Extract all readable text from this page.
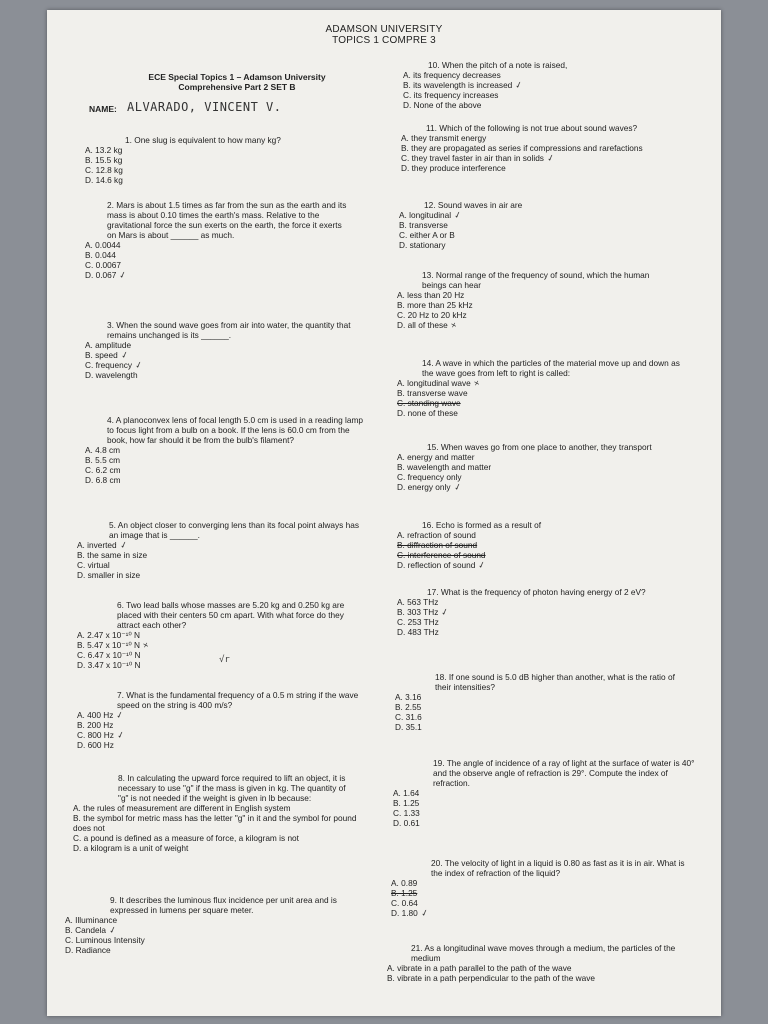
ADAMSON UNIVERSITY
TOPICS 1 COMPRE 3
ECE Special Topics 1 – Adamson University
Comprehensive Part 2 SET B
NAME: ALVARADO, VINCENT V.
1. One slug is equivalent to how many kg?
A. 13.2 kg
B. 15.5 kg
C. 12.8 kg
D. 14.6 kg
2. Mars is about 1.5 times as far from the sun as the earth and its mass is about 0.10 times the earth's mass. Relative to the gravitational force the sun exerts on the earth, the force it exerts on Mars is about ______ as much.
A. 0.0044
B. 0.044
C. 0.0067
D. 0.067 ✓
3. When the sound wave goes from air into water, the quantity that remains unchanged is its ______.
A. amplitude
B. speed ✓
C. frequency ✓
D. wavelength
4. A planoconvex lens of focal length 5.0 cm is used in a reading lamp to focus light from a bulb on a book. If the lens is 60.0 cm from the book, how far should it be from the bulb's filament?
A. 4.8 cm
B. 5.5 cm
C. 6.2 cm
D. 6.8 cm
5. An object closer to converging lens than its focal point always has an image that is ______.
A. inverted ✓
B. the same in size
C. virtual
D. smaller in size
6. Two lead balls whose masses are 5.20 kg and 0.250 kg are placed with their centers 50 cm apart. With what force do they attract each other?
A. 2.47 x 10⁻¹⁰ N
B. 5.47 x 10⁻¹⁰ N ×
C. 6.47 x 10⁻¹⁰ N
D. 3.47 x 10⁻¹⁰ N	√r
7. What is the fundamental frequency of a 0.5 m string if the wave speed on the string is 400 m/s?
A. 400 Hz ✓
B. 200 Hz
C. 800 Hz ✓
D. 600 Hz
8. In calculating the upward force required to lift an object, it is necessary to use "g" if the mass is given in kg. The quantity of "g" is not needed if the weight is given in lb because:
A. the rules of measurement are different in English system
B. the symbol for metric mass has the letter "g" in it and the symbol for pound does not
C. a pound is defined as a measure of force, a kilogram is not
D. a kilogram is a unit of weight
9. It describes the luminous flux incidence per unit area and is expressed in lumens per square meter.
A. Illuminance
B. Candela ✓
C. Luminous Intensity
D. Radiance
10. When the pitch of a note is raised,
A. its frequency decreases
B. its wavelength is increased ✓
C. its frequency increases
D. None of the above
11. Which of the following is not true about sound waves?
A. they transmit energy
B. they are propagated as series if compressions and rarefactions
C. they travel faster in air than in solids ✓
D. they produce interference
12. Sound waves in air are
A. longitudinal ✓
B. transverse
C. either A or B
D. stationary
13. Normal range of the frequency of sound, which the human beings can hear
A. less than 20 Hz
B. more than 25 kHz
C. 20 Hz to 20 kHz
D. all of these ×
14. A wave in which the particles of the material move up and down as the wave goes from left to right is called:
A. longitudinal wave ×
B. transverse wave
C. standing wave
D. none of these
15. When waves go from one place to another, they transport
A. energy and matter
B. wavelength and matter
C. frequency only
D. energy only ✓
16. Echo is formed as a result of
A. refraction of sound
B. diffraction of sound
C. interference of sound
D. reflection of sound ✓
17. What is the frequency of photon having energy of 2 eV?
A. 563 THz
B. 303 THz ✓
C. 253 THz
D. 483 THz
18. If one sound is 5.0 dB higher than another, what is the ratio of their intensities?
A. 3.16
B. 2.55
C. 31.6
D. 35.1
19. The angle of incidence of a ray of light at the surface of water is 40° and the observe angle of refraction is 29°. Compute the index of refraction.
A. 1.64
B. 1.25
C. 1.33
D. 0.61
20. The velocity of light in a liquid is 0.80 as fast as it is in air. What is the index of refraction of the liquid?
A. 0.89
B. 1.25
C. 0.64
D. 1.80 ✓
21. As a longitudinal wave moves through a medium, the particles of the medium
A. vibrate in a path parallel to the path of the wave
B. vibrate in a path perpendicular to the path of the wave
